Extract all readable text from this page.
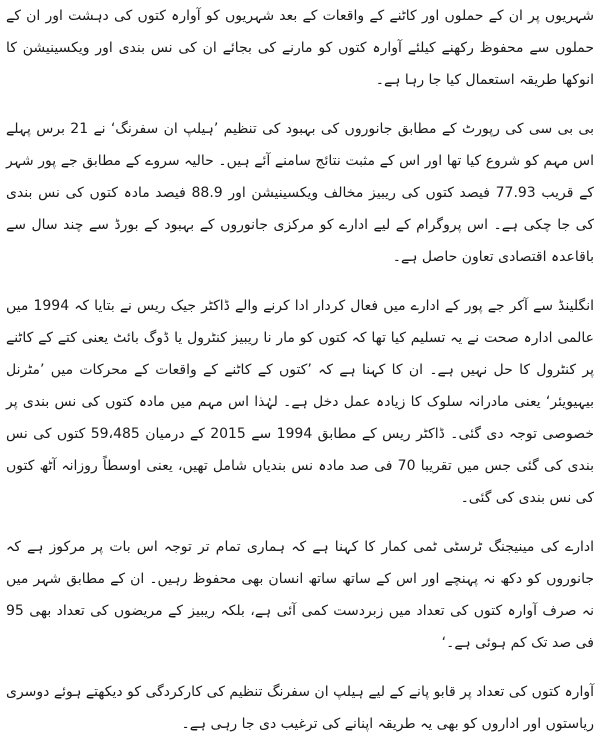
شہریوں پر ان کے حملوں اور کاٹنے کے واقعات کے بعد شہریوں کو آوارہ کتوں کی دہشت اور ان کے حملوں سے محفوظ رکھنے کیلئے آوارہ کتوں کو مارنے کی بجائے ان کی نس بندی اور ویکسینیشن کا انوکھا طریقہ استعمال کیا جا رہا ہے۔

بی بی سی کی رپورٹ کے مطابق جانوروں کی بہبود کی تنظیم ’ہیلپ ان سفرنگ‘ نے 21 برس پہلے اس مہم کو شروع کیا تھا اور اس کے مثبت نتائج سامنے آئے ہیں۔ حالیہ سروے کے مطابق جے پور شہر کے قریب 77.93 فیصد کتوں کی ریبیز مخالف ویکسینیشن اور 88.9 فیصد مادہ کتوں کی نس بندی کی جا چکی ہے۔ اس پروگرام کے لیے ادارے کو مرکزی جانوروں کے بہبود کے بورڈ سے چند سال سے باقاعدہ اقتصادی تعاون حاصل ہے۔

انگلینڈ سے آکر جے پور کے ادارے میں فعال کردار ادا کرنے والے ڈاکٹر جیک ریس نے بتایا کہ 1994 میں عالمی ادارہ صحت نے یہ تسلیم کیا تھا کہ کتوں کو مار نا ریبیز کنٹرول یا ڈوگ بائٹ یعنی کتے کے کاٹنے پر کنٹرول کا حل نہیں ہے۔ ان کا کہنا ہے کہ ’کتوں کے کاٹنے کے واقعات کے محرکات میں ’مٹرنل بیہیویئر‘ یعنی مادرانہ سلوک کا زیادہ عمل دخل ہے۔ لہٰذا اس مہم میں مادہ کتوں کی نس بندی پر خصوصی توجہ دی گئی۔ ڈاکٹر ریس کے مطابق 1994 سے 2015 کے درمیان 59،485 کتوں کی نس بندی کی گئی جس میں تقریبا 70 فی صد مادہ نس بندیاں شامل تھیں، یعنی اوسطاً روزانہ آٹھ کتوں کی نس بندی کی گئی۔

ادارے کی مینیجنگ ٹرسٹی ٹمی کمار کا کہنا ہے کہ ہماری تمام تر توجہ اس بات پر مرکوز ہے کہ جانوروں کو دکھ نہ پہنچے اور اس کے ساتھ ساتھ انسان بھی محفوظ رہیں۔ ان کے مطابق شہر میں نہ صرف آوارہ کتوں کی تعداد میں زبردست کمی آئی ہے، بلکہ ریبیز کے مریضوں کی تعداد بھی 95 فی صد تک کم ہوئی ہے۔‘

آوارہ کتوں کی تعداد پر قابو پانے کے لیے ہیلپ ان سفرنگ تنظیم کی کارکردگی کو دیکھتے ہوئے دوسری ریاستوں اور اداروں کو بھی یہ طریقہ اپنانے کی ترغیب دی جا رہی ہے۔
